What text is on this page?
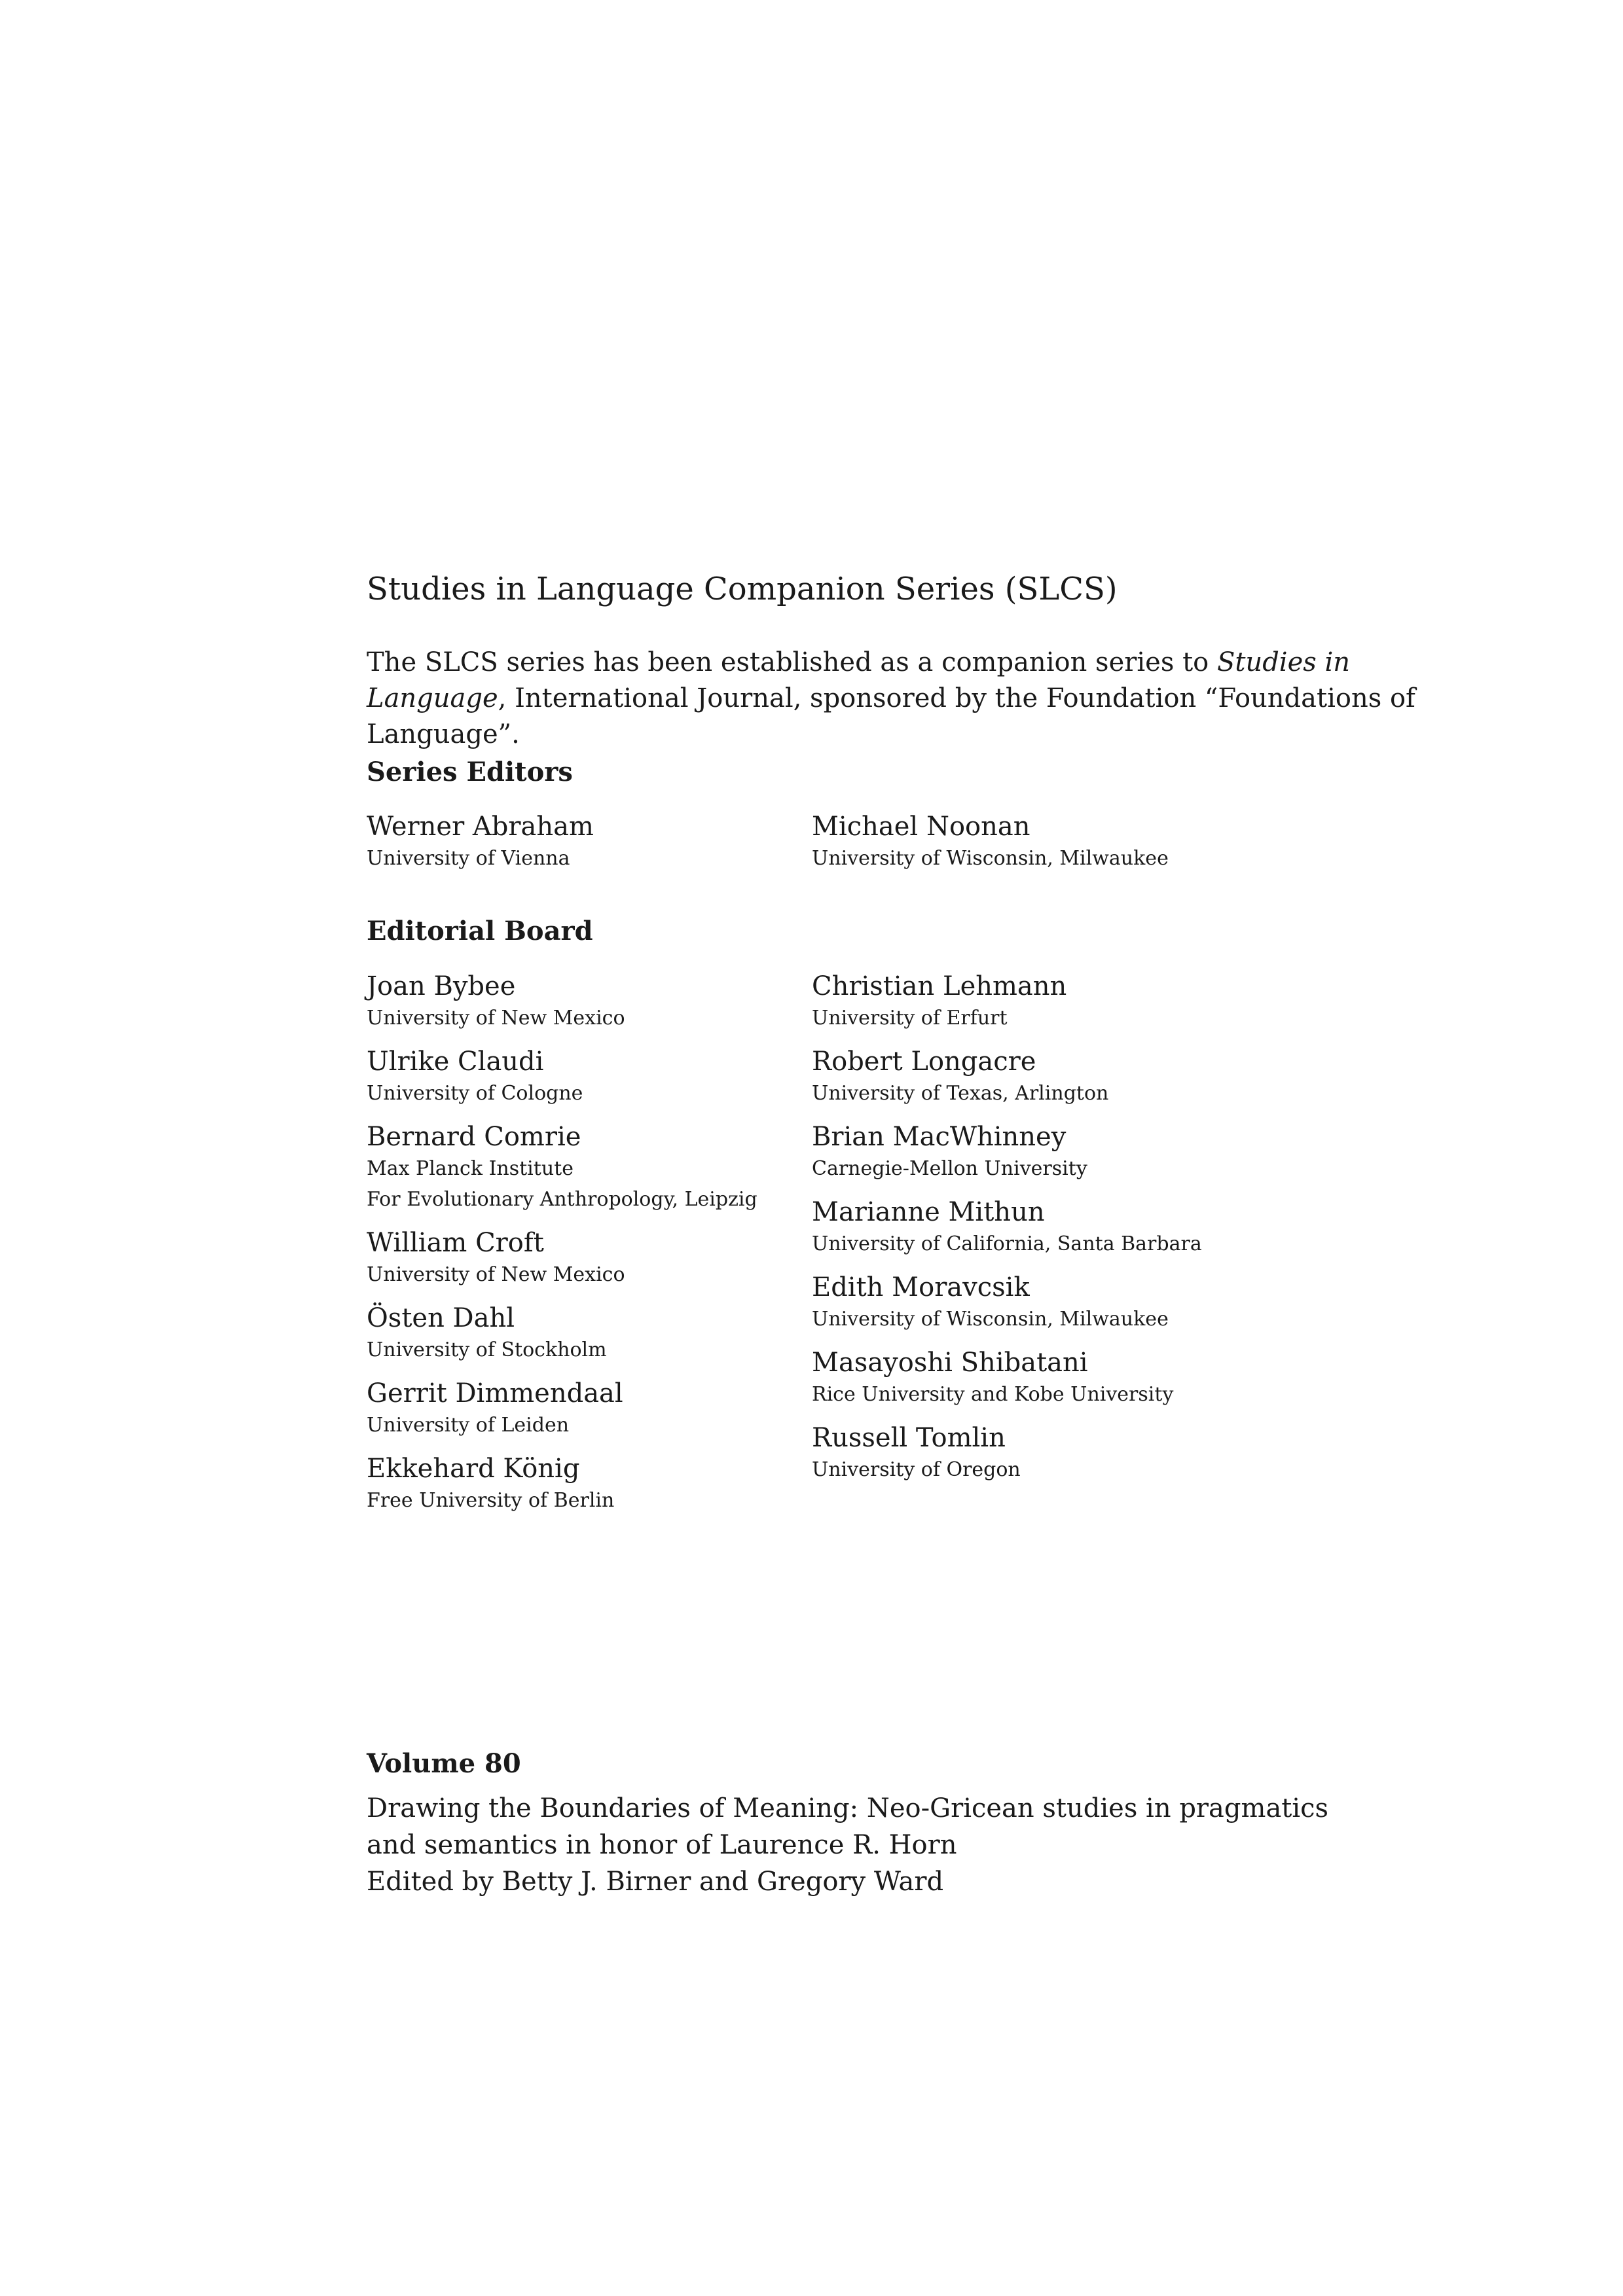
Studies in Language Companion Series (SLCS)

The SLCS series has been established as a companion series to Studies in Language, International Journal, sponsored by the Foundation “Foundations of Language”.

Series Editors
Werner Abraham
University of Vienna
Michael Noonan
University of Wisconsin, Milwaukee
Editorial Board
Joan Bybee
University of New Mexico
Ulrike Claudi
University of Cologne
Bernard Comrie
Max Planck Institute
For Evolutionary Anthropology, Leipzig
William Croft
University of New Mexico
Östen Dahl
University of Stockholm
Gerrit Dimmendaal
University of Leiden
Ekkehard König
Free University of Berlin
Christian Lehmann
University of Erfurt
Robert Longacre
University of Texas, Arlington
Brian MacWhinney
Carnegie-Mellon University
Marianne Mithun
University of California, Santa Barbara
Edith Moravcsik
University of Wisconsin, Milwaukee
Masayoshi Shibatani
Rice University and Kobe University
Russell Tomlin
University of Oregon
Volume 80

Drawing the Boundaries of Meaning: Neo-Gricean studies in pragmatics
and semantics in honor of Laurence R. Horn
Edited by Betty J. Birner and Gregory Ward
